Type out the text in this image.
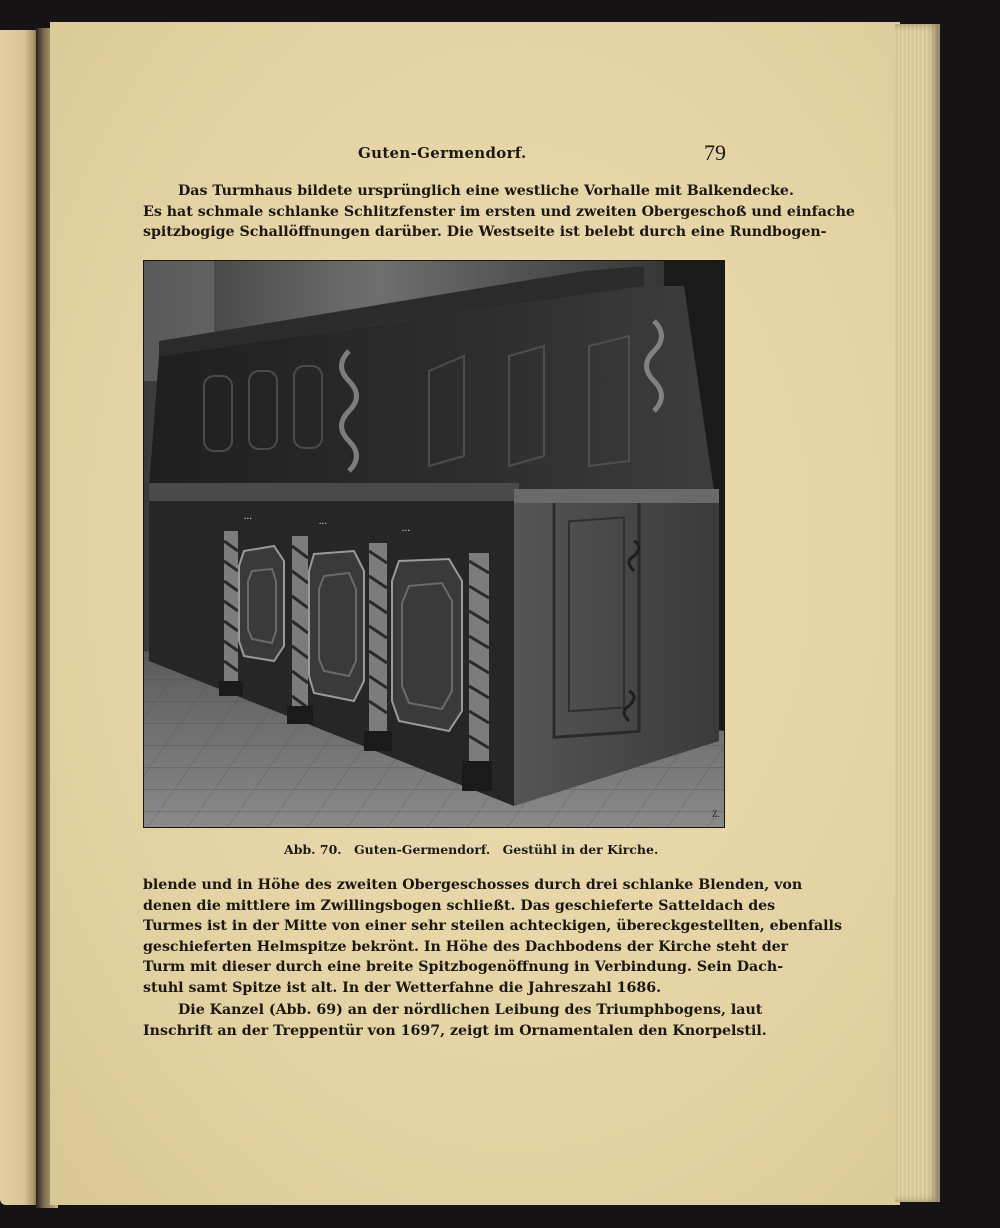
Guten-Germendorf.	79
Das Turmhaus bildete ursprünglich eine westliche Vorhalle mit Balkendecke.
Es hat schmale schlanke Schlitzfenster im ersten und zweiten Obergeschoß und einfache
spitzbogige Schallöffnungen darüber. Die Westseite ist belebt durch eine Rundbogen-
...	...
...
Z.
Abb. 70. Guten-Germendorf. Gestühl in der Kirche.
blende und in Höhe des zweiten Obergeschosses durch drei schlanke Blenden, von
denen die mittlere im Zwillingsbogen schließt. Das geschieferte Satteldach des
Turmes ist in der Mitte von einer sehr steilen achteckigen, übereckgestellten, ebenfalls
geschieferten Helmspitze bekrönt. In Höhe des Dachbodens der Kirche steht der
Turm mit dieser durch eine breite Spitzbogenöffnung in Verbindung. Sein Dach-
stuhl samt Spitze ist alt. In der Wetterfahne die Jahreszahl 1686.
Die Kanzel (Abb. 69) an der nördlichen Leibung des Triumphbogens, laut
Inschrift an der Treppentür von 1697, zeigt im Ornamentalen den Knorpelstil.
